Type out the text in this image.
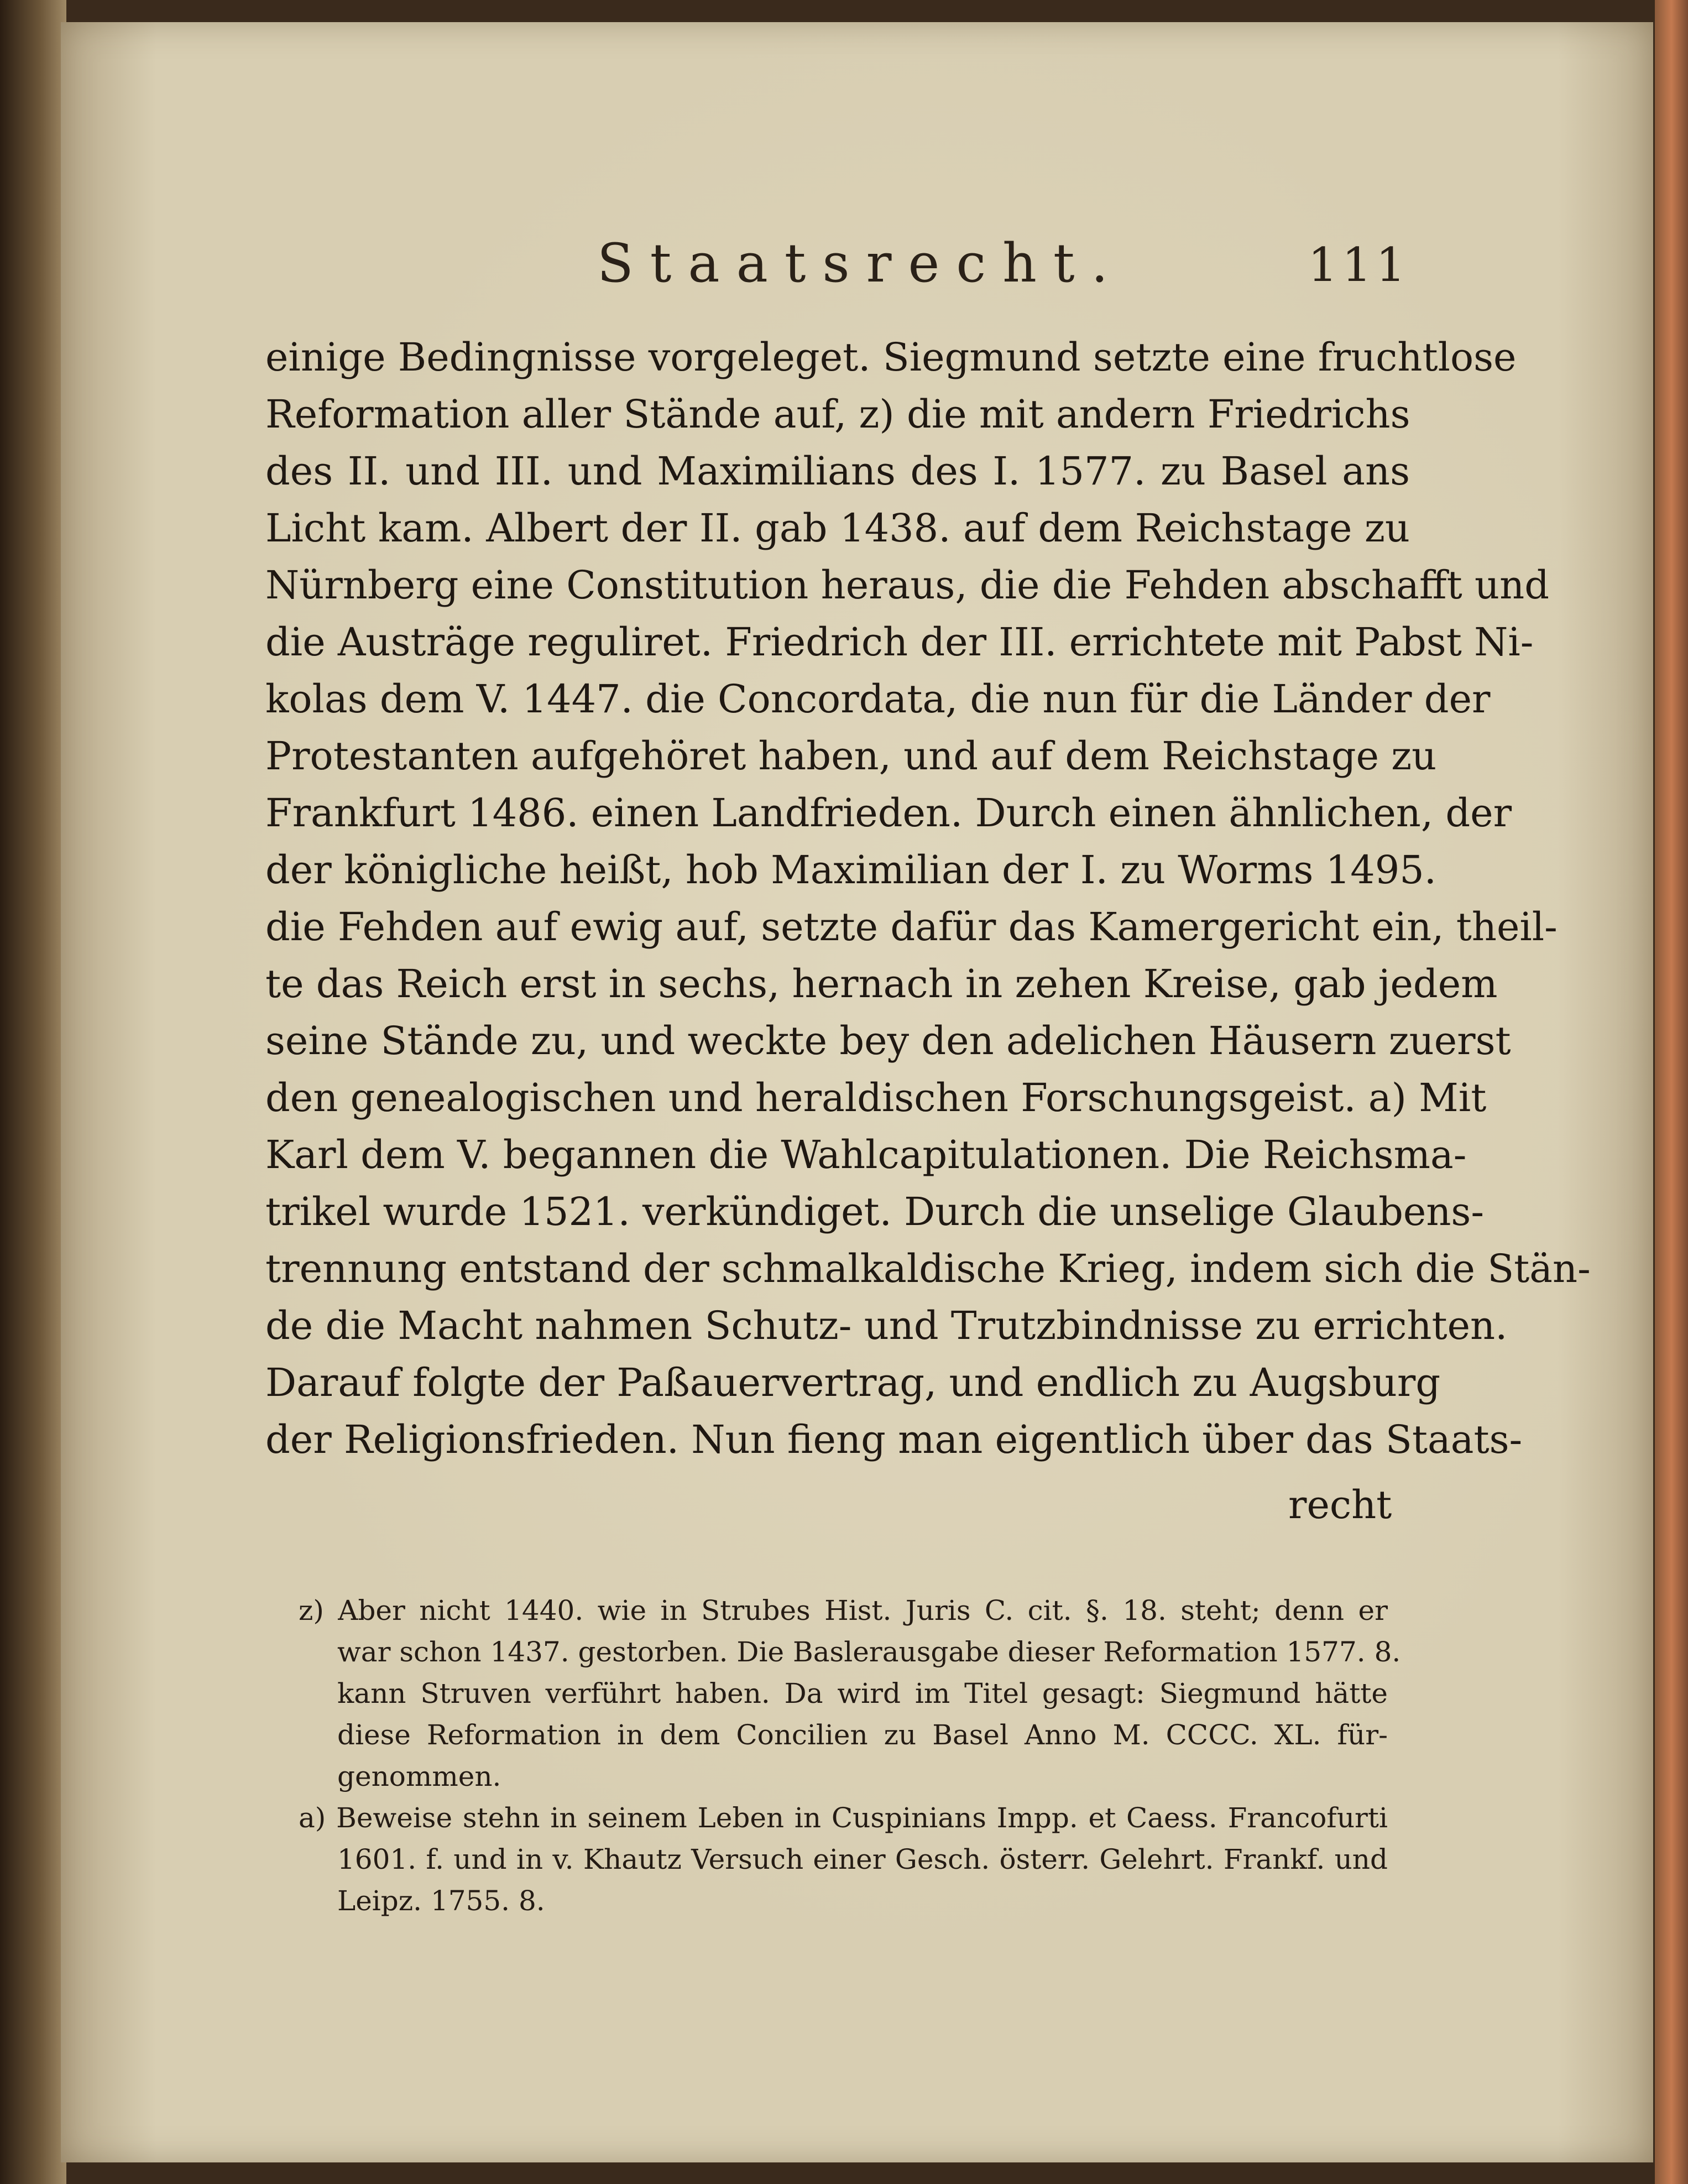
Staatsrecht.	111
einige Bedingnisse vorgeleget. Siegmund setzte eine fruchtlose
Reformation aller Stände auf, z) die mit andern Friedrichs
des II. und III. und Maximilians des I. 1577. zu Basel ans
Licht kam. Albert der II. gab 1438. auf dem Reichstage zu
Nürnberg eine Constitution heraus, die die Fehden abschafft und
die Austräge reguliret. Friedrich der III. errichtete mit Pabst Ni-
kolas dem V. 1447. die Concordata, die nun für die Länder der
Protestanten aufgehöret haben, und auf dem Reichstage zu
Frankfurt 1486. einen Landfrieden. Durch einen ähnlichen, der
der königliche heißt, hob Maximilian der I. zu Worms 1495.
die Fehden auf ewig auf, setzte dafür das Kamergericht ein, theil-
te das Reich erst in sechs, hernach in zehen Kreise, gab jedem
seine Stände zu, und weckte bey den adelichen Häusern zuerst
den genealogischen und heraldischen Forschungsgeist. a) Mit
Karl dem V. begannen die Wahlcapitulationen. Die Reichsma-
trikel wurde 1521. verkündiget. Durch die unselige Glaubens-
trennung entstand der schmalkaldische Krieg, indem sich die Stän-
de die Macht nahmen Schutz- und Trutzbindnisse zu errichten.
Darauf folgte der Paßauervertrag, und endlich zu Augsburg
der Religionsfrieden. Nun fieng man eigentlich über das Staats-
recht
z) Aber nicht 1440. wie in Strubes Hist. Juris C. cit. §. 18. steht; denn er
war schon 1437. gestorben. Die Baslerausgabe dieser Reformation 1577. 8.
kann Struven verführt haben. Da wird im Titel gesagt: Siegmund hätte
diese Reformation in dem Concilien zu Basel Anno M. CCCC. XL. für-
genommen.
a) Beweise stehn in seinem Leben in Cuspinians Impp. et Caess. Francofurti
1601. f. und in v. Khautz Versuch einer Gesch. österr. Gelehrt. Frankf. und
Leipz. 1755. 8.
